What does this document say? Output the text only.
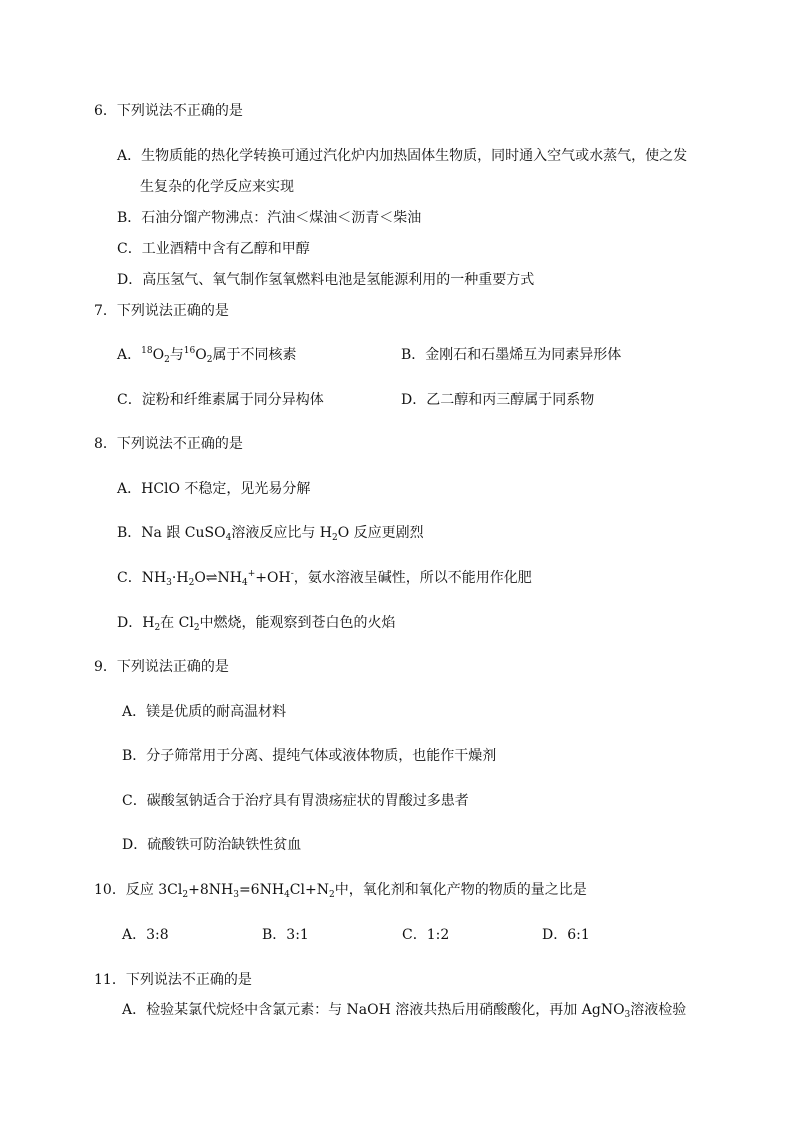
6．下列说法不正确的是
A．生物质能的热化学转换可通过汽化炉内加热固体生物质，同时通入空气或水蒸气，使之发
生复杂的化学反应来实现
B．石油分馏产物沸点：汽油＜煤油＜沥青＜柴油
C．工业酒精中含有乙醇和甲醇
D．高压氢气、氧气制作氢氧燃料电池是氢能源利用的一种重要方式
7．下列说法正确的是
A．$^{18}O_2$与$^{16}O_2$属于不同核素	B．金刚石和石墨烯互为同素异形体
C．淀粉和纤维素属于同分异构体	D．乙二醇和丙三醇属于同系物
8．下列说法不正确的是
A．HClO 不稳定，见光易分解
B．Na 跟 CuSO$_4$溶液反应比与 $H_2O$ 反应更剧烈
C．$NH_3\cdot H_2O\rightleftharpoons NH_4^++OH^-$，氨水溶液呈碱性，所以不能用作化肥
D．$H_2$在 $Cl_2$中燃烧，能观察到苍白色的火焰
9．下列说法正确的是
A．镁是优质的耐高温材料
B．分子筛常用于分离、提纯气体或液体物质，也能作干燥剂
C．碳酸氢钠适合于治疗具有胃溃疡症状的胃酸过多患者
D．硫酸铁可防治缺铁性贫血
10．反应 $3Cl_2+8NH_3=6NH_4Cl+N_2$中，氧化剂和氧化产物的物质的量之比是
A．3:8	B．3:1	C．1:2	D．6:1
11．下列说法不正确的是
A．检验某氯代烷烃中含氯元素：与 NaOH 溶液共热后用硝酸酸化，再加 AgNO$_3$溶液检验
